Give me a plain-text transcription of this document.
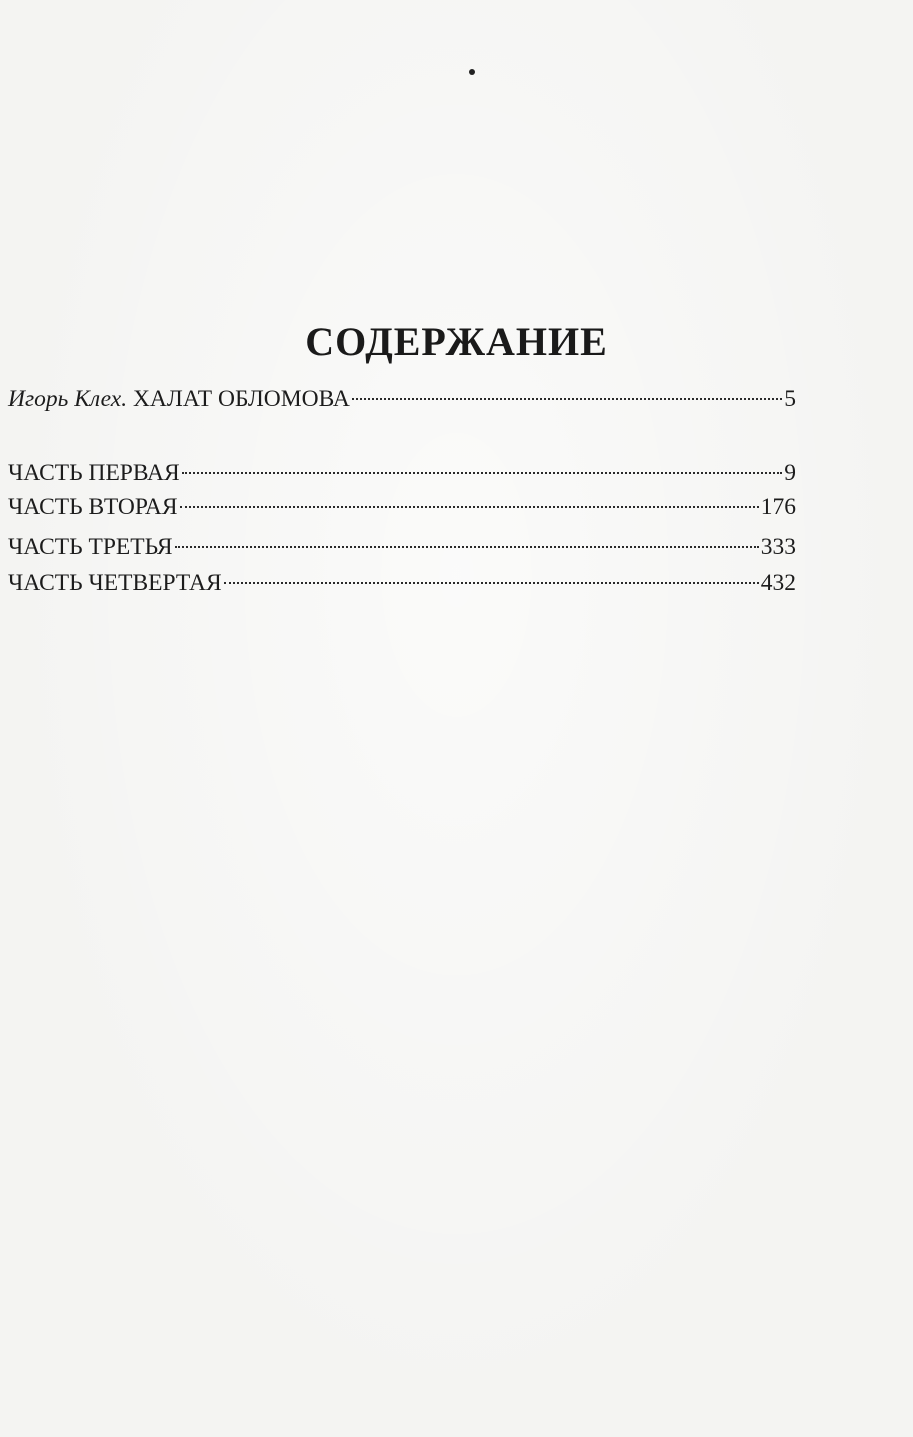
СОДЕРЖАНИЕ
Игорь Клех.
ХАЛАТ ОБЛОМОВА	5
ЧАСТЬ ПЕРВАЯ	9
ЧАСТЬ ВТОРАЯ	176
ЧАСТЬ ТРЕТЬЯ	333
ЧАСТЬ ЧЕТВЕРТАЯ	432
